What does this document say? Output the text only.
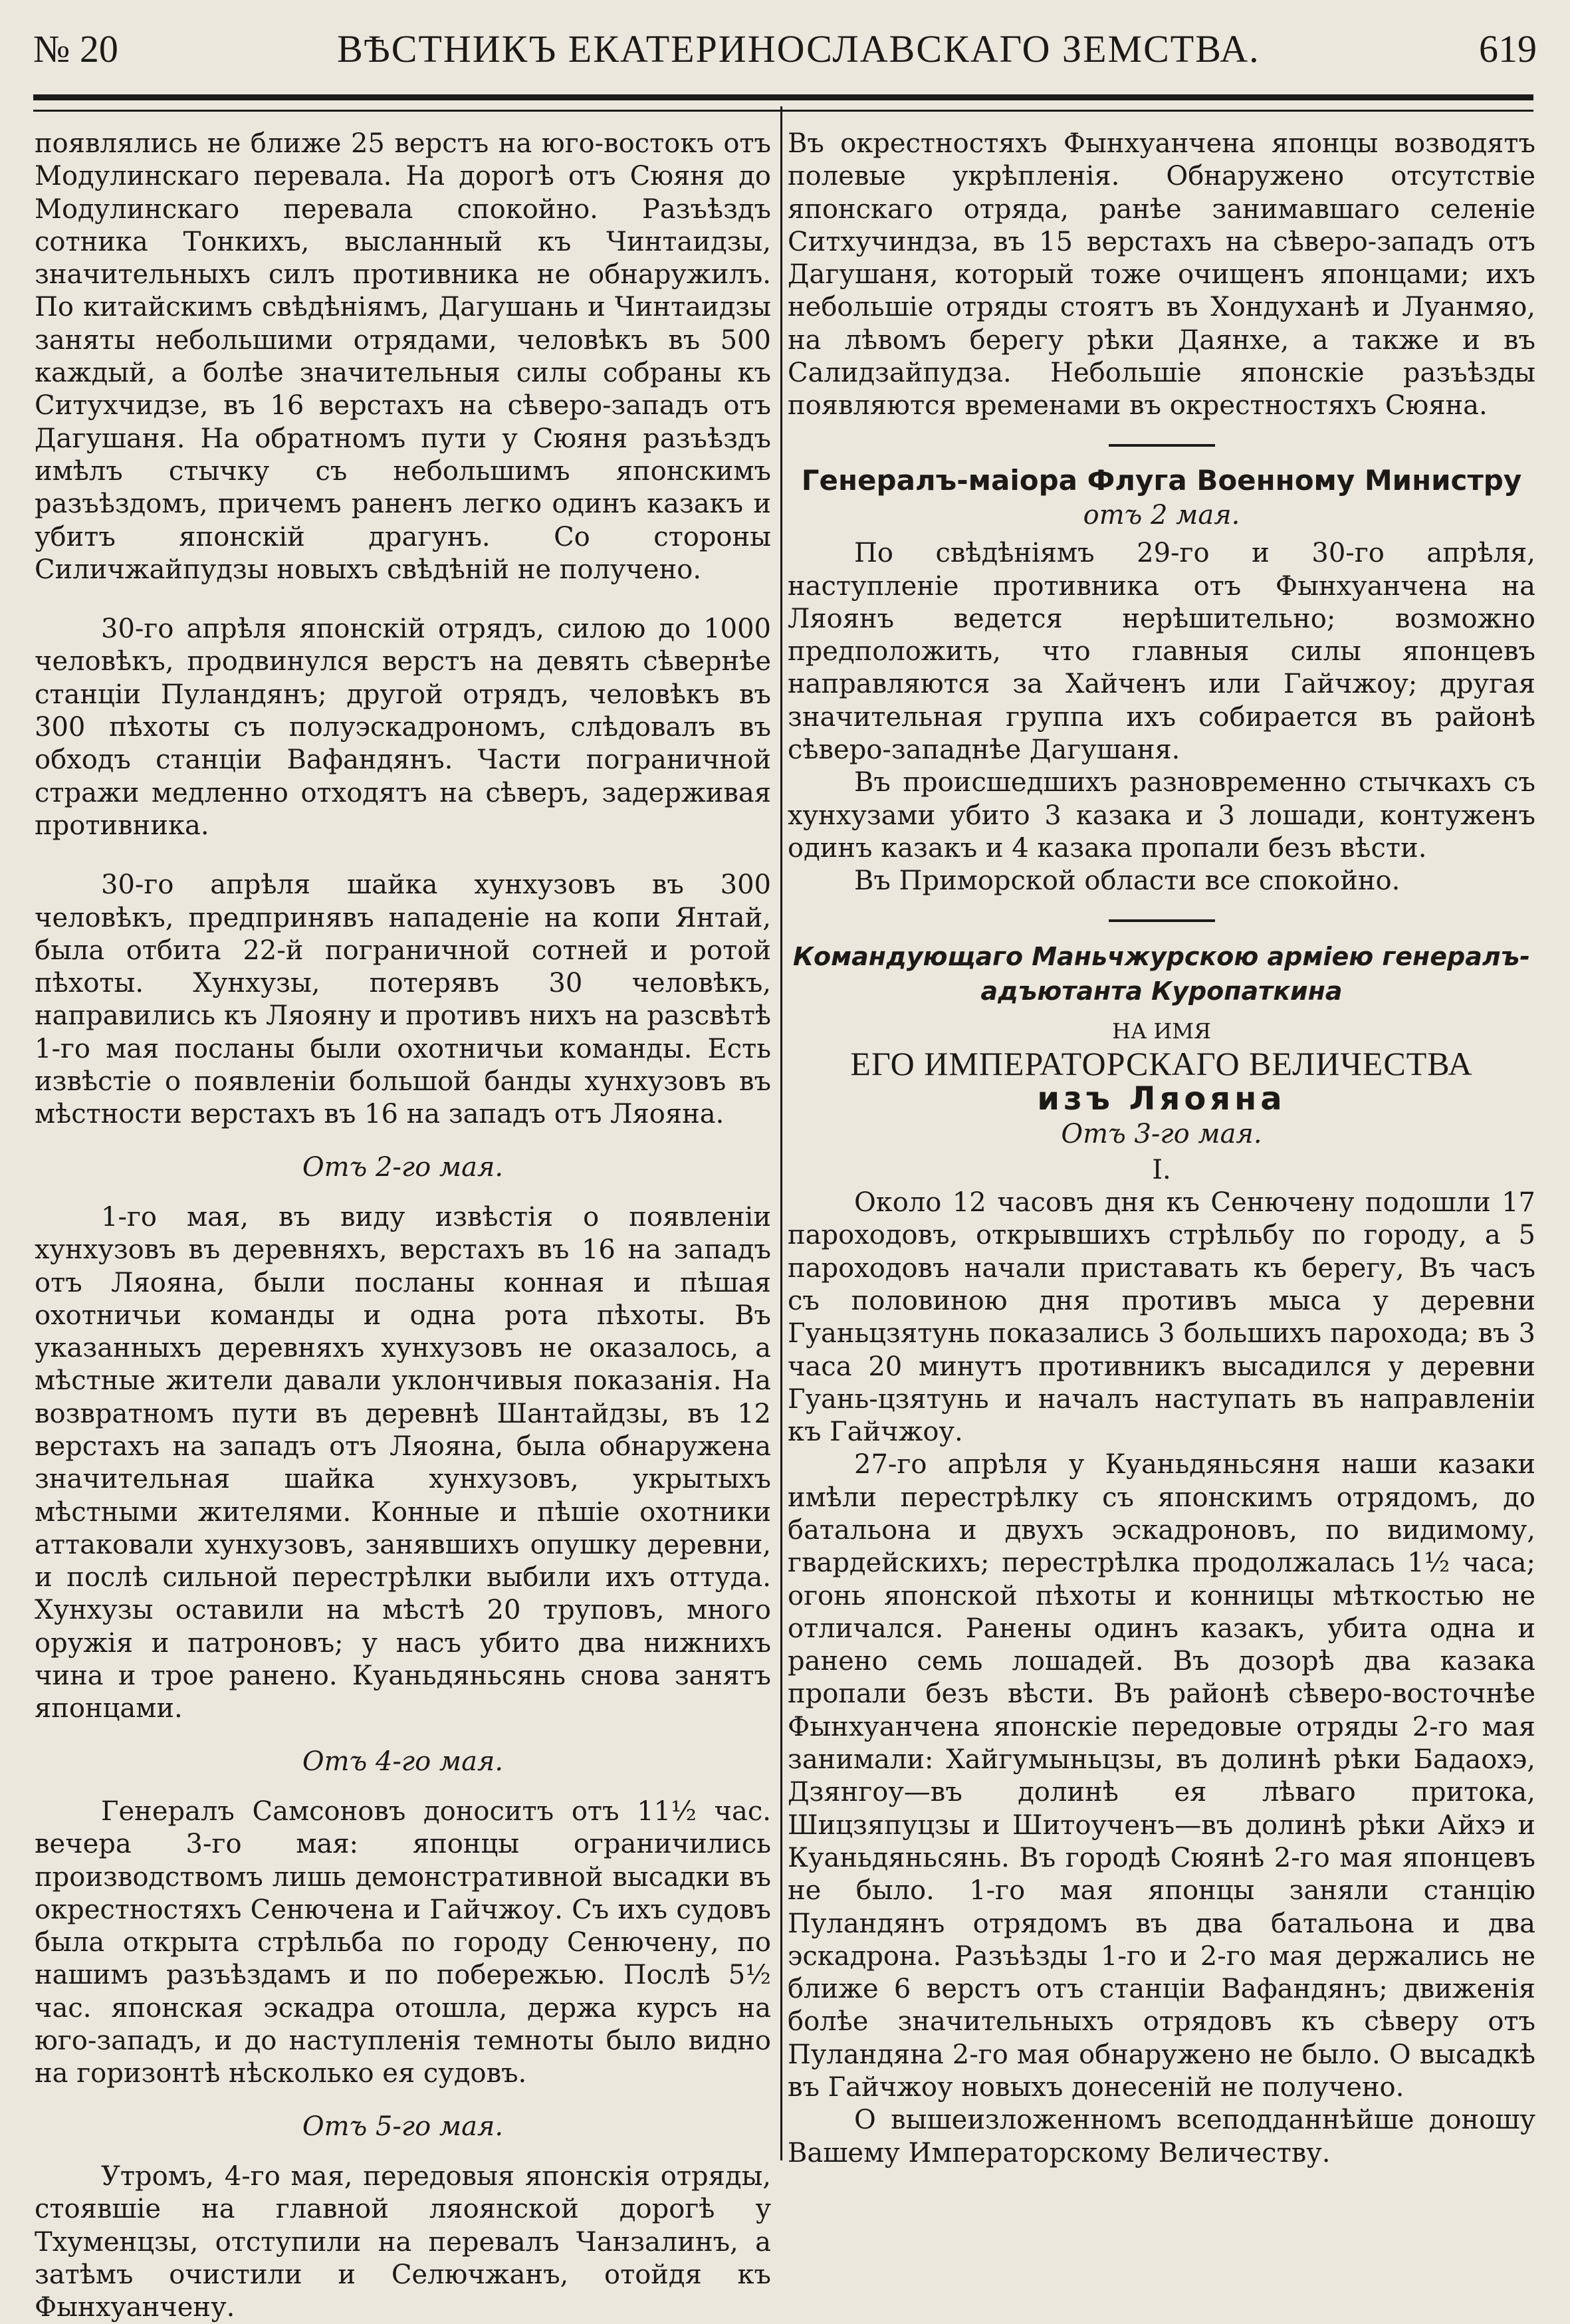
№ 20	ВѢСТНИКЪ ЕКАТЕРИНОСЛАВСКАГО ЗЕМСТВА.	619

появлялись не ближе 25 верстъ на юго-востокъ отъ Модулинскаго перевала. На дорогѣ отъ Сюяня до Модулинскаго перевала спокойно. Разъѣздъ сотника Тонкихъ, высланный къ Чинтаидзы, значительныхъ силъ противника не обнаружилъ. По китайскимъ свѣдѣніямъ, Дагушань и Чинтаидзы заняты небольшими отрядами, человѣкъ въ 500 каждый, а болѣе значительныя силы собраны къ Ситухчидзе, въ 16 верстахъ на сѣверо-западъ отъ Дагушаня. На обратномъ пути у Сюяня разъѣздъ имѣлъ стычку съ небольшимъ японскимъ разъѣздомъ, причемъ раненъ легко одинъ казакъ и убитъ японскій драгунъ. Со стороны Силичжайпудзы новыхъ свѣдѣній не получено.

30-го апрѣля японскій отрядъ, силою до 1000 человѣкъ, продвинулся верстъ на девять сѣвернѣе станціи Пуландянъ; другой отрядъ, человѣкъ въ 300 пѣхоты съ полуэскадрономъ, слѣдовалъ въ обходъ станціи Вафандянъ. Части пограничной стражи медленно отходятъ на сѣверъ, задерживая противника.

30-го апрѣля шайка хунхузовъ въ 300 человѣкъ, предпринявъ нападеніе на копи Янтай, была отбита 22-й пограничной сотней и ротой пѣхоты. Хунхузы, потерявъ 30 человѣкъ, направились къ Ляояну и противъ нихъ на разсвѣтѣ 1-го мая посланы были охотничьи команды. Есть извѣстіе о появленіи большой банды хунхузовъ въ мѣстности верстахъ въ 16 на западъ отъ Ляояна.

Отъ 2-го мая.

1-го мая, въ виду извѣстія о появленіи хунхузовъ въ деревняхъ, верстахъ въ 16 на западъ отъ Ляояна, были посланы конная и пѣшая охотничьи команды и одна рота пѣхоты. Въ указанныхъ деревняхъ хунхузовъ не оказалось, а мѣстные жители давали уклончивыя показанія. На возвратномъ пути въ деревнѣ Шантайдзы, въ 12 верстахъ на западъ отъ Ляояна, была обнаружена значительная шайка хунхузовъ, укрытыхъ мѣстными жителями. Конные и пѣшіе охотники аттаковали хунхузовъ, занявшихъ опушку деревни, и послѣ сильной перестрѣлки выбили ихъ оттуда. Хунхузы оставили на мѣстѣ 20 труповъ, много оружія и патроновъ; у насъ убито два нижнихъ чина и трое ранено. Куаньдяньсянь снова занятъ японцами.

Отъ 4-го мая.

Генералъ Самсоновъ доноситъ отъ 11½ час. вечера 3-го мая: японцы ограничились производствомъ лишь демонстративной высадки въ окрестностяхъ Сенючена и Гайчжоу. Съ ихъ судовъ была открыта стрѣльба по городу Сенючену, по нашимъ разъѣздамъ и по побережью. Послѣ 5½ час. японская эскадра отошла, держа курсъ на юго-западъ, и до наступленія темноты было видно на горизонтѣ нѣсколько ея судовъ.

Отъ 5-го мая.

Утромъ, 4-го мая, передовыя японскія отряды, стоявшіе на главной ляоянской дорогѣ у Тхуменцзы, отступили на перевалъ Чанзалинъ, а затѣмъ очистили и Селючжанъ, отойдя къ Фынхуанчену.

Въ окрестностяхъ Фынхуанчена японцы возводятъ полевые укрѣпленія. Обнаружено отсутствіе японскаго отряда, ранѣе занимавшаго селеніе Ситхучиндза, въ 15 верстахъ на сѣверо-западъ отъ Дагушаня, который тоже очищенъ японцами; ихъ небольшіе отряды стоятъ въ Хондуханѣ и Луанмяо, на лѣвомъ берегу рѣки Даянхе, а также и въ Салидзайпудза. Небольшіе японскіе разъѣзды появляются временами въ окрестностяхъ Сюяна.

Генералъ-маіора Флуга Военному Министру

отъ 2 мая.

По свѣдѣніямъ 29-го и 30-го апрѣля, наступленіе противника отъ Фынхуанчена на Ляоянъ ведется нерѣшительно; возможно предположить, что главныя силы японцевъ направляются за Хайченъ или Гайчжоу; другая значительная группа ихъ собирается въ районѣ сѣверо-западнѣе Дагушаня.

Въ происшедшихъ разновременно стычкахъ съ хунхузами убито 3 казака и 3 лошади, контуженъ одинъ казакъ и 4 казака пропали безъ вѣсти.

Въ Приморской области все спокойно.

Командующаго Маньчжурскою арміею генералъ-адъютанта Куропаткина

НА ИМЯ

ЕГО ИМПЕРАТОРСКАГО ВЕЛИЧЕСТВА

изъ Ляояна

Отъ 3-го мая.

I.

Около 12 часовъ дня къ Сенючену подошли 17 пароходовъ, открывшихъ стрѣльбу по городу, а 5 пароходовъ начали приставать къ берегу, Въ часъ съ половиною дня противъ мыса у деревни Гуаньцзятунь показались 3 большихъ парохода; въ 3 часа 20 минутъ противникъ высадился у деревни Гуань-цзятунь и началъ наступать въ направленіи къ Гайчжоу.

27-го апрѣля у Куаньдяньсяня наши казаки имѣли перестрѣлку съ японскимъ отрядомъ, до батальона и двухъ эскадроновъ, по видимому, гвардейскихъ; перестрѣлка продолжалась 1½ часа; огонь японской пѣхоты и конницы мѣткостью не отличался. Ранены одинъ казакъ, убита одна и ранено семь лошадей. Въ дозорѣ два казака пропали безъ вѣсти. Въ районѣ сѣверо-восточнѣе Фынхуанчена японскіе передовые отряды 2-го мая занимали: Хайгумыньцзы, въ долинѣ рѣки Бадаохэ, Дзянгоу—въ долинѣ ея лѣваго притока, Шицзяпуцзы и Шитоученъ—въ долинѣ рѣки Айхэ и Куаньдяньсянь. Въ городѣ Сюянѣ 2-го мая японцевъ не было. 1-го мая японцы заняли станцію Пуландянъ отрядомъ въ два батальона и два эскадрона. Разъѣзды 1-го и 2-го мая держались не ближе 6 верстъ отъ станціи Вафандянъ; движенія болѣе значительныхъ отрядовъ къ сѣверу отъ Пуландяна 2-го мая обнаружено не было. О высадкѣ въ Гайчжоу новыхъ донесеній не получено.

О вышеизложенномъ всеподданнѣйше доношу Вашему Императорскому Величеству.
